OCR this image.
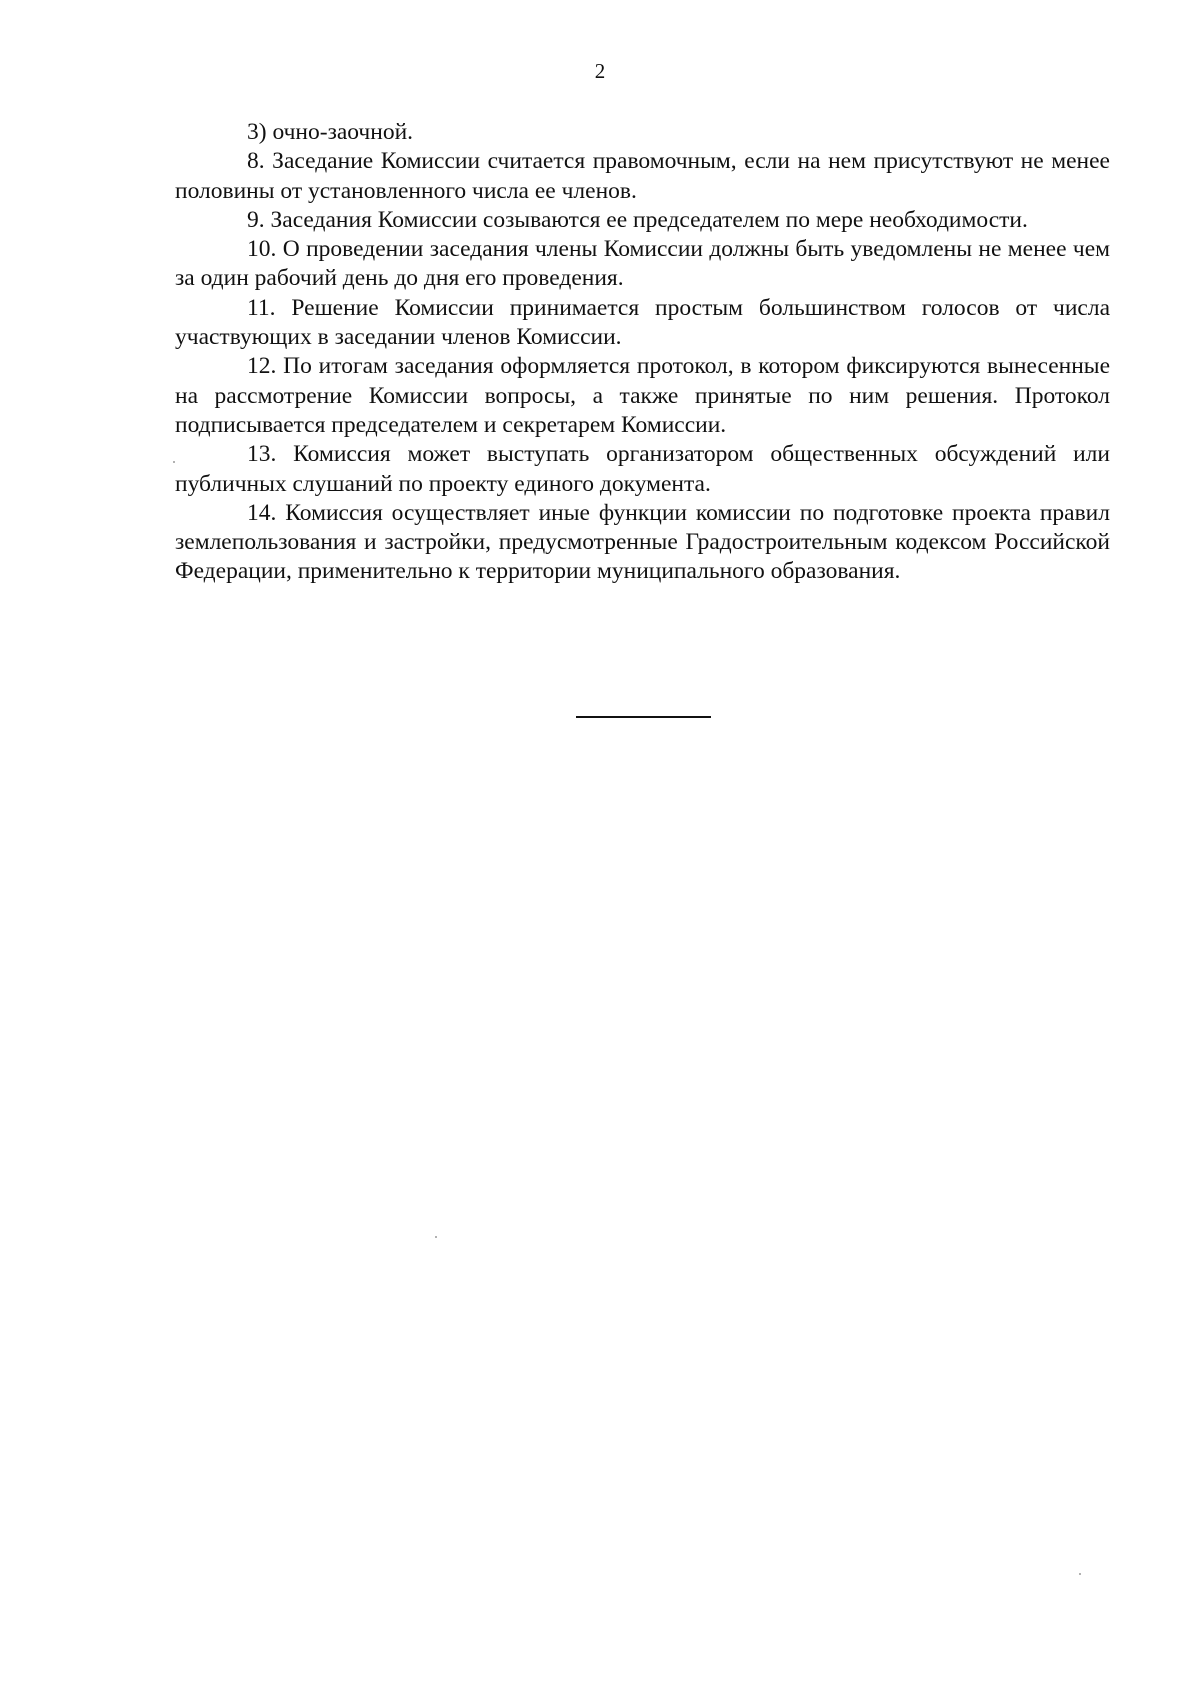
2

3) очно-заочной.

8. Заседание Комиссии считается правомочным, если на нем присутствуют не менее половины от установленного числа ее членов.

9. Заседания Комиссии созываются ее председателем по мере необходимости.

10. О проведении заседания члены Комиссии должны быть уведомлены не менее чем за один рабочий день до дня его проведения.

11. Решение Комиссии принимается простым большинством голосов от числа участвующих в заседании членов Комиссии.

12. По итогам заседания оформляется протокол, в котором фиксируются вынесенные на рассмотрение Комиссии вопросы, а также принятые по ним решения. Протокол подписывается председателем и секретарем Комиссии.

13. Комиссия может выступать организатором общественных обсуждений или публичных слушаний по проекту единого документа.

14. Комиссия осуществляет иные функции комиссии по подготовке проекта правил землепользования и застройки, предусмотренные Градостроительным кодексом Российской Федерации, применительно к территории муниципального образования.
